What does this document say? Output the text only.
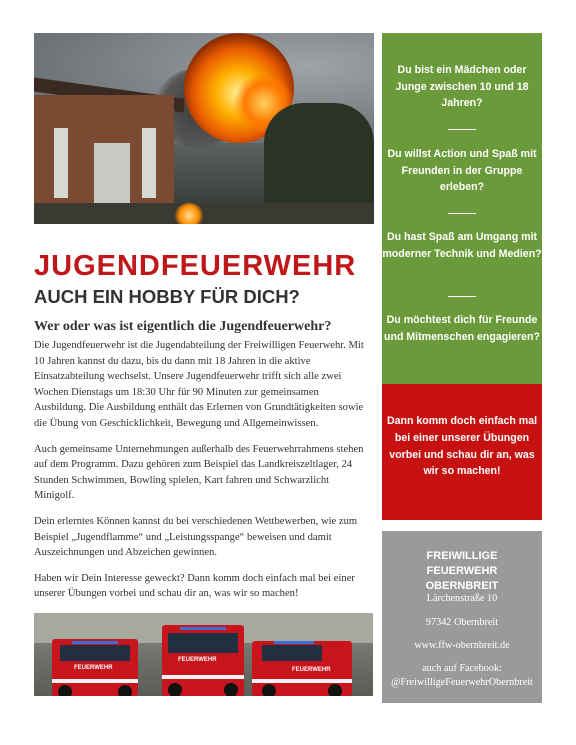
JUGENDFEUERWEHR
AUCH EIN HOBBY FÜR DICH?
Wer oder was ist eigentlich die Jugendfeuerwehr?

Die Jugendfeuerwehr ist die Jugendabteilung der Freiwilligen Feuerwehr. Mit 10 Jahren kannst du dazu, bis du dann mit 18 Jahren in die aktive Einsatzabteilung wechselst. Unsere Jugendfeuerwehr trifft sich alle zwei Wochen Dienstags um 18:30 Uhr für 90 Minuten zur gemeinsamen Ausbildung. Die Ausbildung enthält das Erlernen von Grundtätigkeiten sowie die Übung von Geschicklichkeit, Bewegung und Allgemeinwissen.

Auch gemeinsame Unternehmungen außerhalb des Feuerwehrrahmens stehen auf dem Programm. Dazu gehören zum Beispiel das Landkreiszeltlager, 24 Stunden Schwimmen, Bowling spielen, Kart fahren und Schwarzlicht Minigolf.

Dein erlerntes Können kannst du bei verschiedenen Wettbewerben, wie zum Beispiel „Jugendflamme“ und „Leistungsspange“ beweisen und damit Auszeichnungen und Abzeichen gewinnen.

Haben wir Dein Interesse geweckt? Dann komm doch einfach mal bei einer unserer Übungen vorbei und schau dir an, was wir so machen!

FEUERWEHR
FEUERWEHR
FEUERWEHR
Du bist ein Mädchen oder Junge zwischen 10 und 18 Jahren?
Du willst Action und Spaß mit Freunden in der Gruppe erleben?
Du hast Spaß am Umgang mit moderner Technik und Medien?
Du möchtest dich für Freunde und Mitmenschen engagieren?
Dann komm doch einfach mal bei einer unserer Übungen vorbei und schau dir an, was wir so machen!
FREIWILLIGE
FEUERWEHR
OBERNBREIT
Lärchenstraße 10
97342 Obernbreit
www.ffw-obernbreit.de
auch auf Facebook:
@FreiwilligeFeuerwehrObernbreit
